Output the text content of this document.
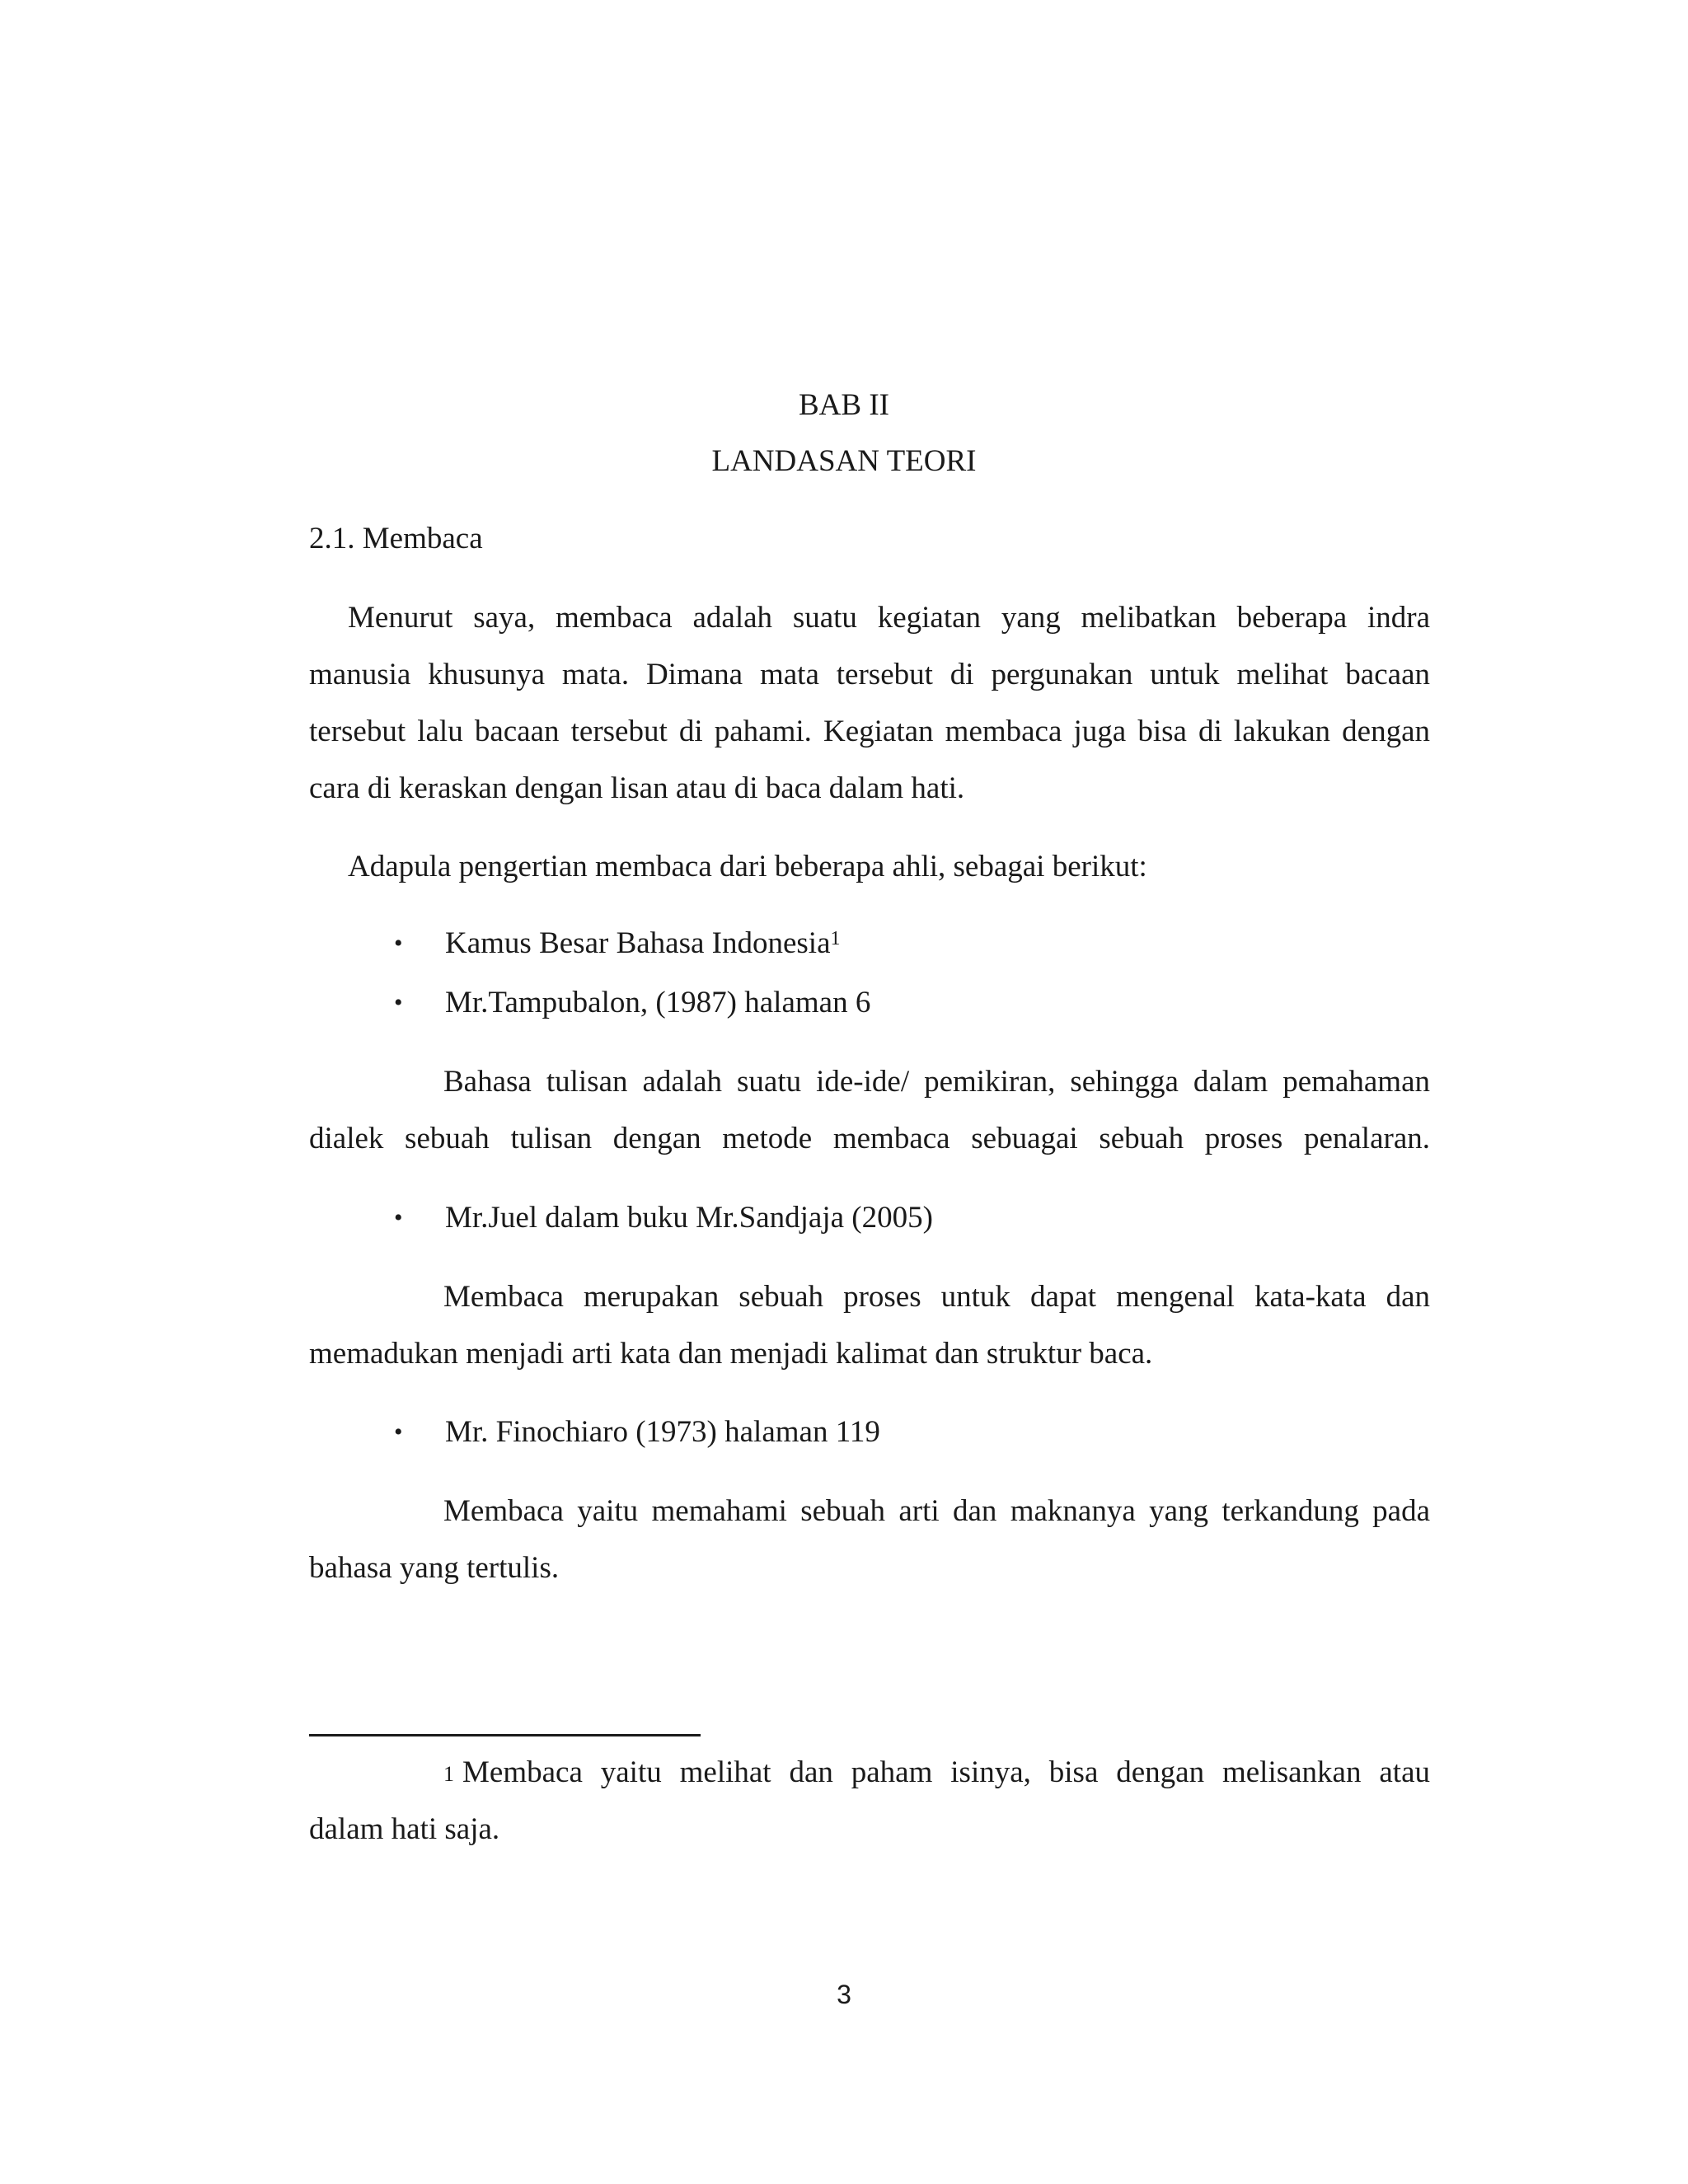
BAB II

LANDASAN TEORI

2.1. Membaca

Menurut saya, membaca adalah suatu kegiatan yang melibatkan beberapa indra

manusia khusunya mata. Dimana mata tersebut di pergunakan untuk melihat bacaan

tersebut lalu bacaan tersebut di pahami. Kegiatan membaca juga bisa di lakukan dengan

cara di keraskan dengan lisan atau di baca dalam hati.

Adapula pengertian membaca dari beberapa ahli, sebagai berikut:

• Kamus Besar Bahasa Indonesia$^1$

• Mr.Tampubalon, (1987) halaman 6

Bahasa tulisan adalah suatu ide-ide/ pemikiran, sehingga dalam pemahaman

dialek sebuah tulisan dengan metode membaca sebuagai sebuah proses penalaran.

• Mr.Juel dalam buku Mr.Sandjaja (2005)

Membaca merupakan sebuah proses untuk dapat mengenal kata-kata dan

memadukan menjadi arti kata dan menjadi kalimat dan struktur baca.

• Mr. Finochiaro (1973) halaman 119

Membaca yaitu memahami sebuah arti dan maknanya yang terkandung pada

bahasa yang tertulis.

$^1$ Membaca yaitu melihat dan paham isinya, bisa dengan melisankan atau

dalam hati saja.

3
